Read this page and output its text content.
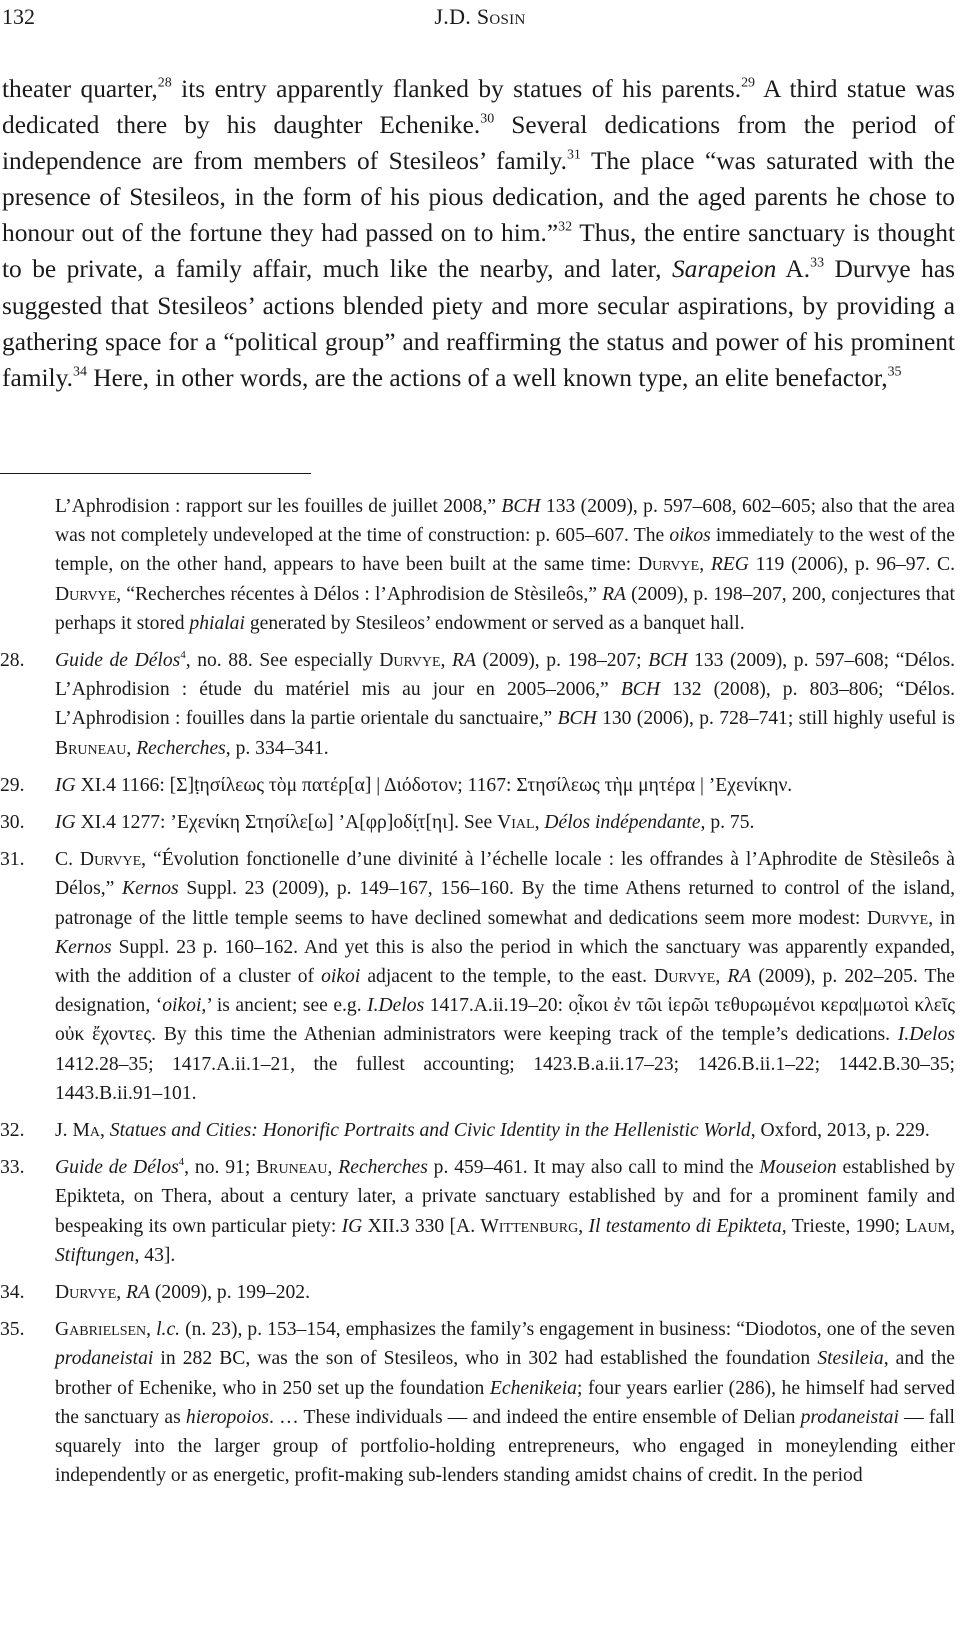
132	J.D. Sosin

theater quarter,$^{28}$ its entry apparently flanked by statues of his parents.$^{29}$ A third statue was dedicated there by his daughter Echenike.$^{30}$ Several dedications from the period of independence are from members of Stesileos’ family.$^{31}$ The place “was saturated with the presence of Stesileos, in the form of his pious dedication, and the aged parents he chose to honour out of the fortune they had passed on to him.”$^{32}$ Thus, the entire sanctuary is thought to be private, a family affair, much like the nearby, and later, Sarapeion A.$^{33}$ Durvye has suggested that Stesileos’ actions blended piety and more secular aspirations, by providing a gathering space for a “political group” and reaffirming the status and power of his prominent family.$^{34}$ Here, in other words, are the actions of a well known type, an elite benefactor,$^{35}$

L’Aphrodision : rapport sur les fouilles de juillet 2008,” BCH 133 (2009), p. 597–608, 602–605; also that the area was not completely undeveloped at the time of construction: p. 605–607. The oikos immediately to the west of the temple, on the other hand, appears to have been built at the same time: Durvye, REG 119 (2006), p. 96–97. C. Durvye, “Recherches récentes à Délos : l’Aphrodision de Stèsileôs,” RA (2009), p. 198–207, 200, conjectures that perhaps it stored phialai generated by Stesileos’ endowment or served as a banquet hall.

28.	Guide de Délos$^4$, no. 88. See especially Durvye, RA (2009), p. 198–207; BCH 133 (2009), p. 597–608; “Délos. L’Aphrodision : étude du matériel mis au jour en 2005–2006,” BCH 132 (2008), p. 803–806; “Délos. L’Aphrodision : fouilles dans la partie orientale du sanctuaire,” BCH 130 (2006), p. 728–741; still highly useful is Bruneau, Recherches, p. 334–341.

29.	IG XI.4 1166: [Σ]ṭησίλεως τὸμ πατέρ[α] | Διόδοτον; 1167: Στησίλεως τὴμ μητέρα | ’Εχενίκην.

30.	IG XI.4 1277: ’Εχενίκη Στησίλε[ω] ’Α[φρ]οδί̣τ[ηι]. See Vial, Délos indépendante, p. 75.

31.	C. Durvye, “Évolution fonctionelle d’une divinité à l’échelle locale : les offrandes à l’Aphrodite de Stèsileôs à Délos,” Kernos Suppl. 23 (2009), p. 149–167, 156–160. By the time Athens returned to control of the island, patronage of the little temple seems to have declined somewhat and dedications seem more modest: Durvye, in Kernos Suppl. 23 p. 160–162. And yet this is also the period in which the sanctuary was apparently expanded, with the addition of a cluster of oikoi adjacent to the temple, to the east. Durvye, RA (2009), p. 202–205. The designation, ‘oikoi,’ is ancient; see e.g. I.Delos 1417.A.ii.19–20: ο̣ἶκοι ἐν τῶι ἱερῶι τεθυρωμένοι κερα|μωτοὶ κλεῖς οὐκ ἔχοντες. By this time the Athenian administrators were keeping track of the temple’s dedications. I.Delos 1412.28–35; 1417.A.ii.1–21, the fullest accounting; 1423.B.a.ii.17–23; 1426.B.ii.1–22; 1442.B.30–35; 1443.B.ii.91–101.

32.	J. Ma, Statues and Cities: Honorific Portraits and Civic Identity in the Hellenistic World, Oxford, 2013, p. 229.

33.	Guide de Délos$^4$, no. 91; Bruneau, Recherches p. 459–461. It may also call to mind the Mouseion established by Epikteta, on Thera, about a century later, a private sanctuary established by and for a prominent family and bespeaking its own particular piety: IG XII.3 330 [A. Wittenburg, Il testamento di Epikteta, Trieste, 1990; Laum, Stiftungen, 43].

34.	Durvye, RA (2009), p. 199–202.

35.	Gabrielsen, l.c. (n. 23), p. 153–154, emphasizes the family’s engagement in business: “Diodotos, one of the seven prodaneistai in 282 BC, was the son of Stesileos, who in 302 had established the foundation Stesileia, and the brother of Echenike, who in 250 set up the foundation Echenikeia; four years earlier (286), he himself had served the sanctuary as hieropoios. … These individuals — and indeed the entire ensemble of Delian prodaneistai — fall squarely into the larger group of portfolio-holding entrepreneurs, who engaged in moneylending either independently or as energetic, profit-making sub-lenders standing amidst chains of credit. In the period
